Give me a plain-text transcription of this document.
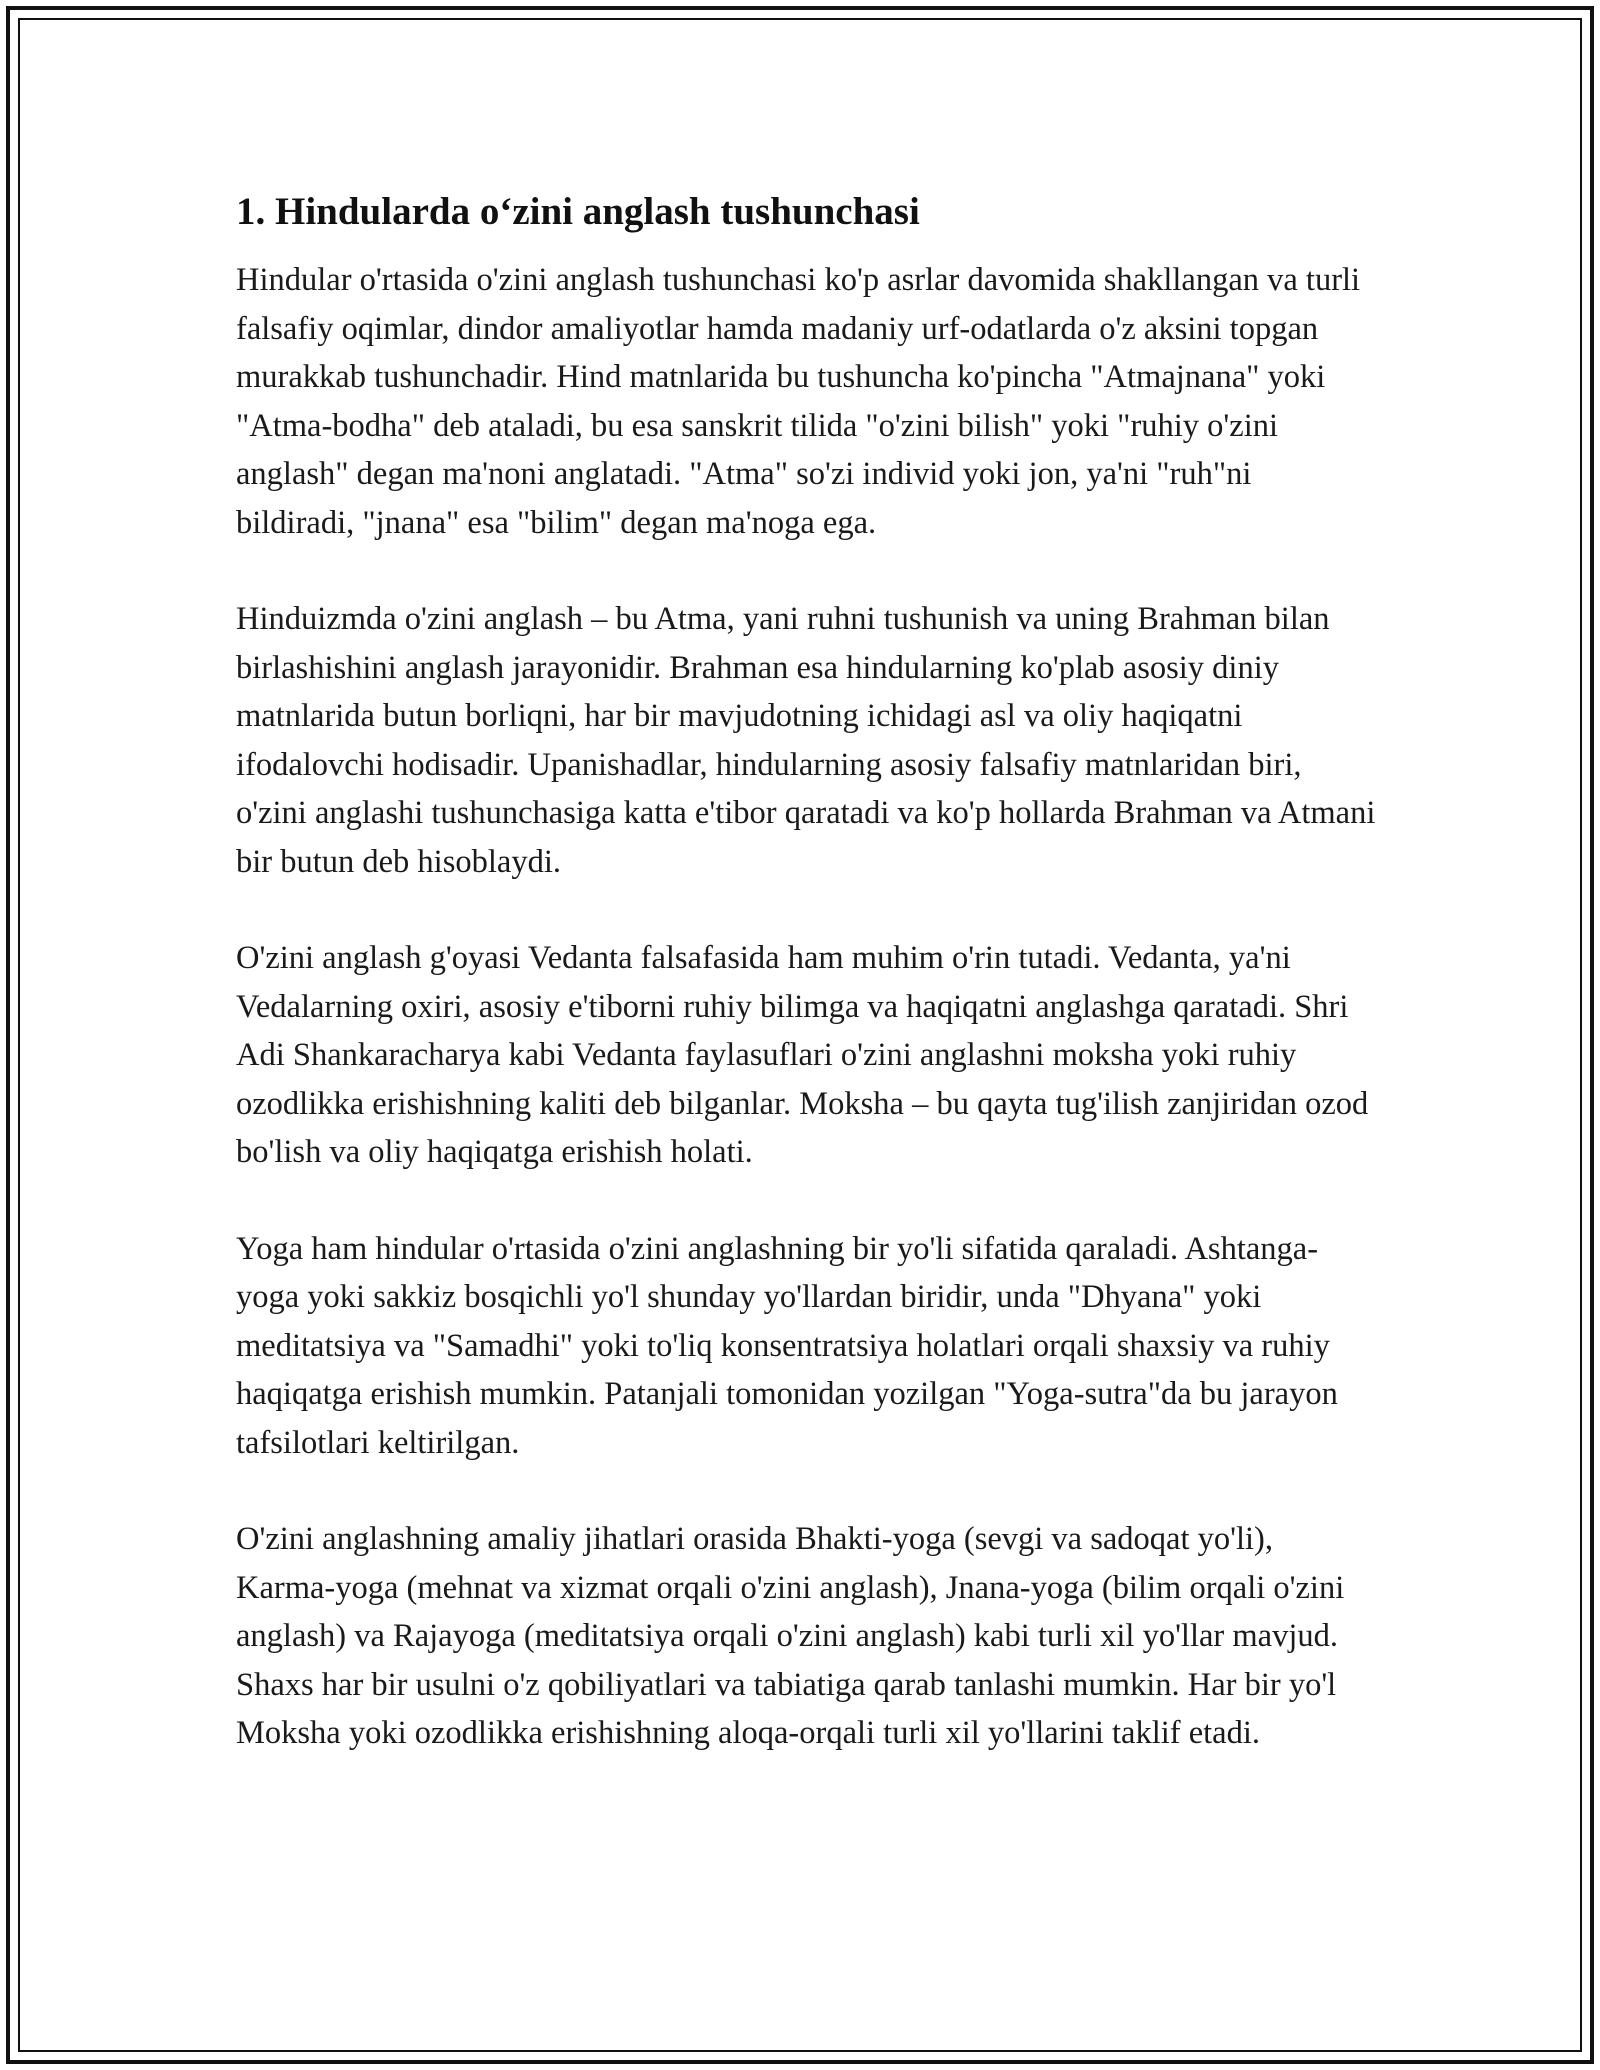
1. Hindularda o‘zini anglash tushunchasi

Hindular o'rtasida o'zini anglash tushunchasi ko'p asrlar davomida shakllangan va turli falsafiy oqimlar, dindor amaliyotlar hamda madaniy urf-odatlarda o'z aksini topgan murakkab tushunchadir. Hind matnlarida bu tushuncha ko'pincha "Atmajnana" yoki "Atma-bodha" deb ataladi, bu esa sanskrit tilida "o'zini bilish" yoki "ruhiy o'zini anglash" degan ma'noni anglatadi. "Atma" so'zi individ yoki jon, ya'ni "ruh"ni bildiradi, "jnana" esa "bilim" degan ma'noga ega.

Hinduizmda o'zini anglash – bu Atma, yani ruhni tushunish va uning Brahman bilan birlashishini anglash jarayonidir. Brahman esa hindularning ko'plab asosiy diniy matnlarida butun borliqni, har bir mavjudotning ichidagi asl va oliy haqiqatni ifodalovchi hodisadir. Upanishadlar, hindularning asosiy falsafiy matnlaridan biri, o'zini anglashi tushunchasiga katta e'tibor qaratadi va ko'p hollarda Brahman va Atmani bir butun deb hisoblaydi.

O'zini anglash g'oyasi Vedanta falsafasida ham muhim o'rin tutadi. Vedanta, ya'ni Vedalarning oxiri, asosiy e'tiborni ruhiy bilimga va haqiqatni anglashga qaratadi. Shri Adi Shankaracharya kabi Vedanta faylasuflari o'zini anglashni moksha yoki ruhiy ozodlikka erishishning kaliti deb bilganlar. Moksha – bu qayta tug'ilish zanjiridan ozod bo'lish va oliy haqiqatga erishish holati.

Yoga ham hindular o'rtasida o'zini anglashning bir yo'li sifatida qaraladi. Ashtanga-yoga yoki sakkiz bosqichli yo'l shunday yo'llardan biridir, unda "Dhyana" yoki meditatsiya va "Samadhi" yoki to'liq konsentratsiya holatlari orqali shaxsiy va ruhiy haqiqatga erishish mumkin. Patanjali tomonidan yozilgan "Yoga-sutra"da bu jarayon tafsilotlari keltirilgan.

O'zini anglashning amaliy jihatlari orasida Bhakti-yoga (sevgi va sadoqat yo'li), Karma-yoga (mehnat va xizmat orqali o'zini anglash), Jnana-yoga (bilim orqali o'zini anglash) va Rajayoga (meditatsiya orqali o'zini anglash) kabi turli xil yo'llar mavjud. Shaxs har bir usulni o'z qobiliyatlari va tabiatiga qarab tanlashi mumkin. Har bir yo'l Moksha yoki ozodlikka erishishning aloqa-orqali turli xil yo'llarini taklif etadi.
